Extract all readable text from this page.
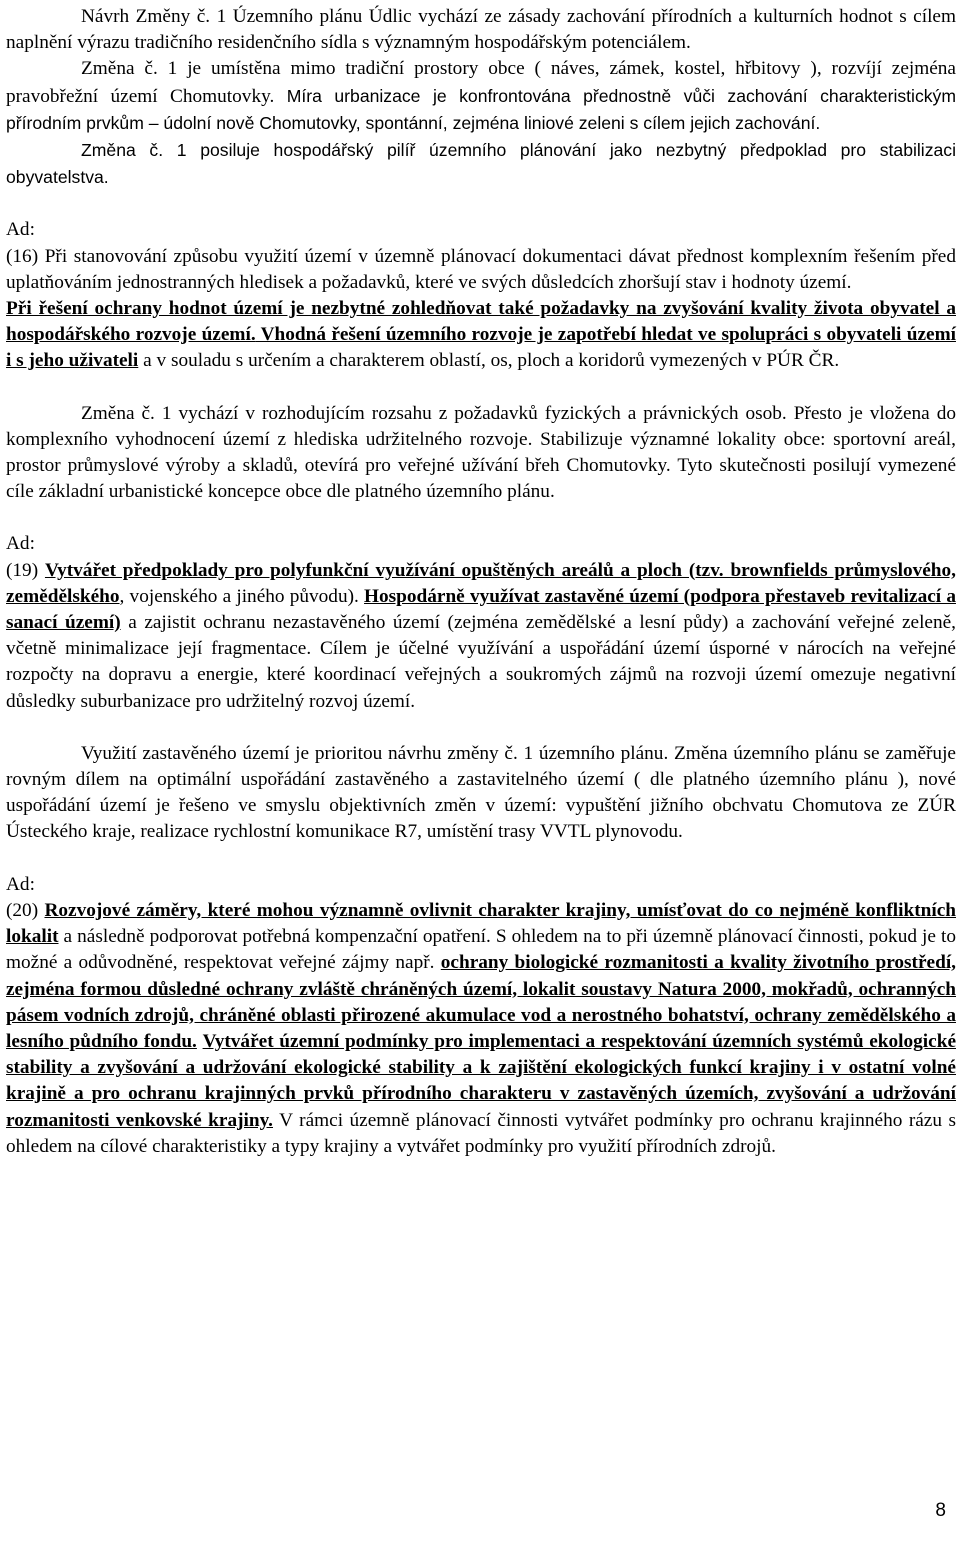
Návrh Změny č. 1 Územního plánu Údlic vychází ze zásady zachování přírodních a kulturních hodnot s cílem naplnění výrazu tradičního residenčního sídla s významným hospodářským potenciálem.

Změna č. 1 je umístěna mimo tradiční prostory obce ( náves, zámek, kostel, hřbitovy ), rozvíjí zejména pravobřežní území Chomutovky. Míra urbanizace je konfrontována přednostně vůči zachování charakteristickým přírodním prvkům – údolní nově Chomutovky, spontánní, zejména liniové zeleni s cílem jejich zachování.

Změna č. 1 posiluje hospodářský pilíř územního plánování jako nezbytný předpoklad pro stabilizaci obyvatelstva.

Ad:

(16) Při stanovování způsobu využití území v územně plánovací dokumentaci dávat přednost komplexním řešením před uplatňováním jednostranných hledisek a požadavků, které ve svých důsledcích zhoršují stav i hodnoty území.

Při řešení ochrany hodnot území je nezbytné zohledňovat také požadavky na zvyšování kvality života obyvatel a hospodářského rozvoje území. Vhodná řešení územního rozvoje je zapotřebí hledat ve spolupráci s obyvateli území i s jeho uživateli a v souladu s určením a charakterem oblastí, os, ploch a koridorů vymezených v PÚR ČR.

Změna č. 1 vychází v rozhodujícím rozsahu z požadavků fyzických a právnických osob. Přesto je vložena do komplexního vyhodnocení území z hlediska udržitelného rozvoje. Stabilizuje významné lokality obce: sportovní areál, prostor průmyslové výroby a skladů, otevírá pro veřejné užívání břeh Chomutovky. Tyto skutečnosti posilují vymezené cíle základní urbanistické koncepce obce dle platného územního plánu.

Ad:

(19) Vytvářet předpoklady pro polyfunkční využívání opuštěných areálů a ploch (tzv. brownfields průmyslového, zemědělského, vojenského a jiného původu). Hospodárně využívat zastavěné území (podpora přestaveb revitalizací a sanací území) a zajistit ochranu nezastavěného území (zejména zemědělské a lesní půdy) a zachování veřejné zeleně, včetně minimalizace její fragmentace. Cílem je účelné využívání a uspořádání území úsporné v nárocích na veřejné rozpočty na dopravu a energie, které koordinací veřejných a soukromých zájmů na rozvoji území omezuje negativní důsledky suburbanizace pro udržitelný rozvoj území.

Využití zastavěného území je prioritou návrhu změny č. 1 územního plánu. Změna územního plánu se zaměřuje rovným dílem na optimální uspořádání zastavěného a zastavitelného území ( dle platného územního plánu ), nové uspořádání území je řešeno ve smyslu objektivních změn v území: vypuštění jižního obchvatu Chomutova ze ZÚR Ústeckého kraje, realizace rychlostní komunikace R7, umístění trasy VVTL plynovodu.

Ad:

(20) Rozvojové záměry, které mohou významně ovlivnit charakter krajiny, umísťovat do co nejméně konfliktních lokalit a následně podporovat potřebná kompenzační opatření. S ohledem na to při územně plánovací činnosti, pokud je to možné a odůvodněné, respektovat veřejné zájmy např. ochrany biologické rozmanitosti a kvality životního prostředí, zejména formou důsledné ochrany zvláště chráněných území, lokalit soustavy Natura 2000, mokřadů, ochranných pásem vodních zdrojů, chráněné oblasti přirozené akumulace vod a nerostného bohatství, ochrany zemědělského a lesního půdního fondu. Vytvářet územní podmínky pro implementaci a respektování územních systémů ekologické stability a zvyšování a udržování ekologické stability a k zajištění ekologických funkcí krajiny i v ostatní volné krajině a pro ochranu krajinných prvků přírodního charakteru v zastavěných územích, zvyšování a udržování rozmanitosti venkovské krajiny. V rámci územně plánovací činnosti vytvářet podmínky pro ochranu krajinného rázu s ohledem na cílové charakteristiky a typy krajiny a vytvářet podmínky pro využití přírodních zdrojů.

8
